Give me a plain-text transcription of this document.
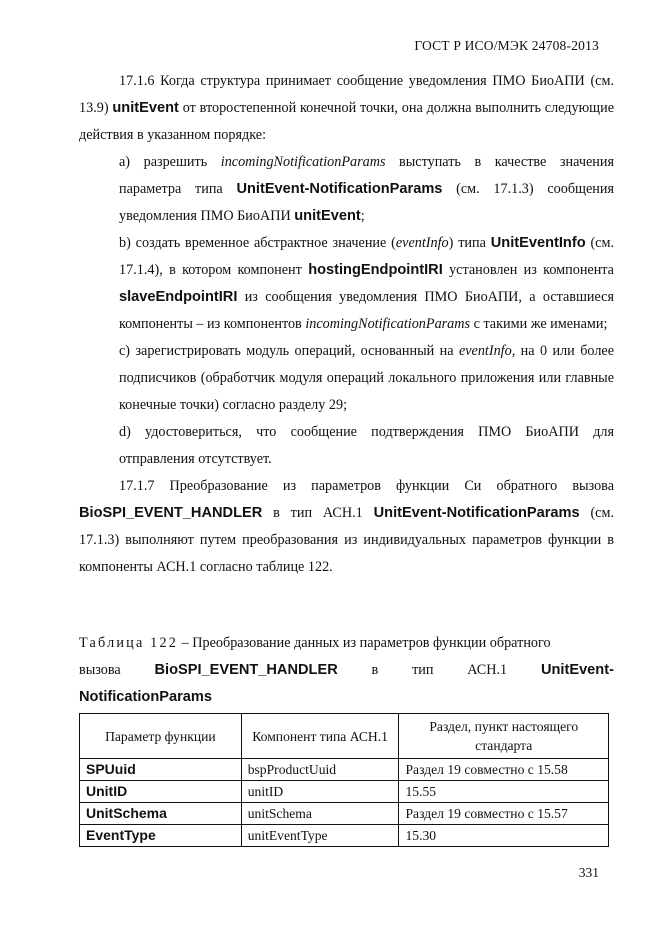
ГОСТ Р ИСО/МЭК 24708-2013

17.1.6 Когда структура принимает сообщение уведомления ПМО БиоАПИ (см. 13.9) unitEvent от второстепенной конечной точки, она должна выполнить следующие действия в указанном порядке:

a) разрешить incomingNotificationParams выступать в качестве значения параметра типа UnitEvent-NotificationParams (см. 17.1.3) сообщения уведомления ПМО БиоАПИ unitEvent;

b) создать временное абстрактное значение (eventInfo) типа UnitEventInfo (см. 17.1.4), в котором компонент hostingEndpointIRI установлен из компонента slaveEndpointIRI из сообщения уведомления ПМО БиоАПИ, а оставшиеся компоненты – из компонентов incomingNotificationParams с такими же именами;

c) зарегистрировать модуль операций, основанный на eventInfo, на 0 или более подписчиков (обработчик модуля операций локального приложения или главные конечные точки) согласно разделу 29;

d) удостовериться, что сообщение подтверждения ПМО БиоАПИ для отправления отсутствует.

17.1.7 Преобразование из параметров функции Си обратного вызова BioSPI_EVENT_HANDLER в тип АСН.1 UnitEvent-NotificationParams (см. 17.1.3) выполняют путем преобразования из индивидуальных параметров функции в компоненты АСН.1 согласно таблице 122.

Таблица 122 – Преобразование данных из параметров функции обратного
вызова BioSPI_EVENT_HANDLER в тип АСН.1 UnitEvent-
NotificationParams
Параметр функции	Компонент типа АСН.1	Раздел, пункт настоящего стандарта
SPUuid	bspProductUuid	Раздел 19 совместно с 15.58
UnitID	unitID	15.55
UnitSchema	unitSchema	Раздел 19 совместно с 15.57
EventType	unitEventType	15.30
331
